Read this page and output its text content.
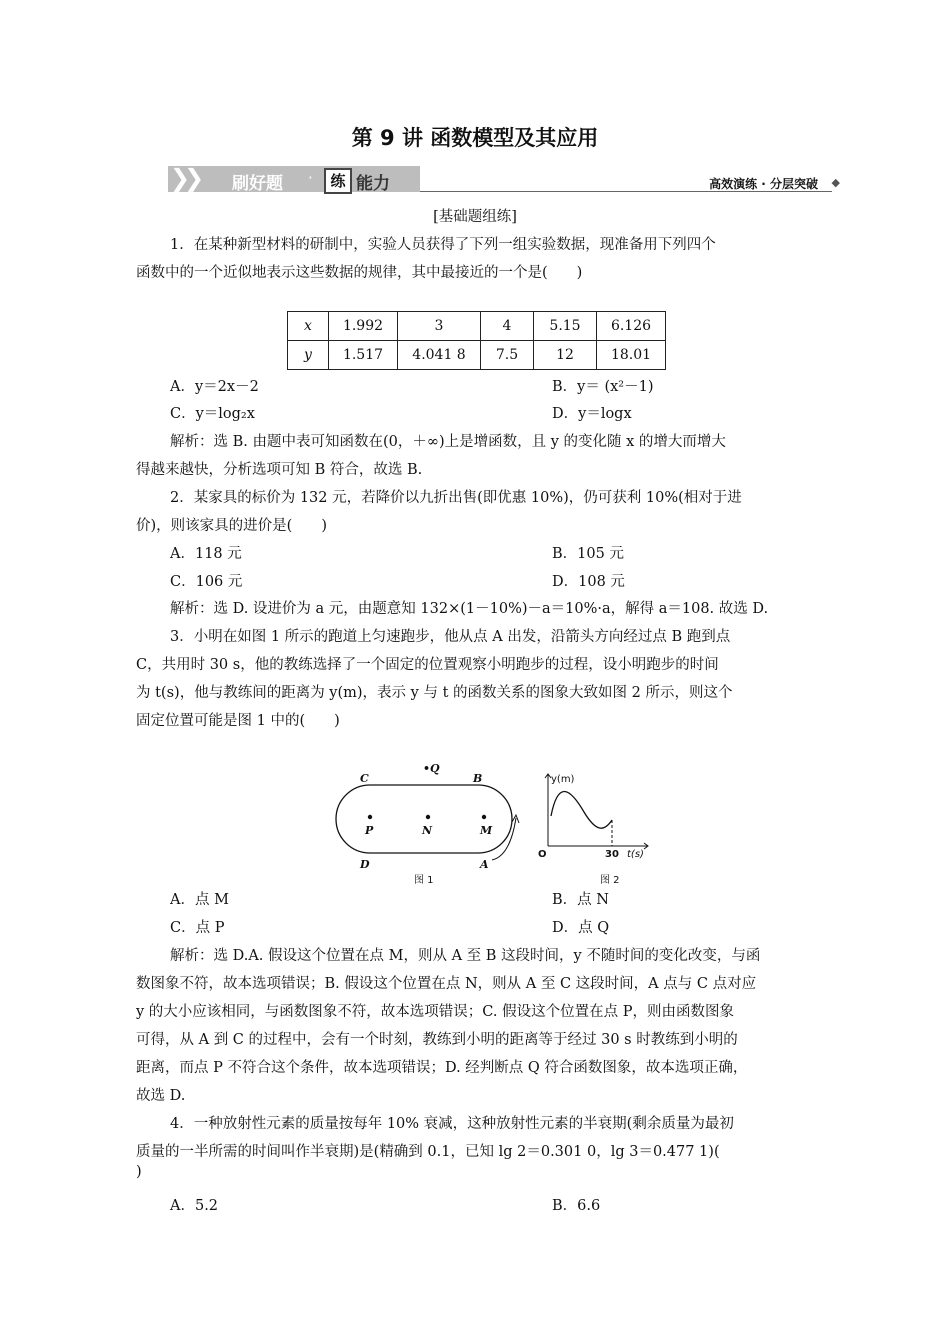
第 9 讲 函数模型及其应用
❯❯ 刷好题 ·	练 能力	高效演练 · 分层突破 ◆
[基础题组练]
1．在某种新型材料的研制中，实验人员获得了下列一组实验数据，现准备用下列四个
函数中的一个近似地表示这些数据的规律，其中最接近的一个是(　　)
x	1.992	3	4	5.15	6.126
y	1.517	4.041 8	7.5	12	18.01
A．y＝2x－2	B．y＝ (x²－1)
C．y＝log₂x	D．y＝logx
解析：选 B. 由题中表可知函数在(0，＋∞)上是增函数，且 y 的变化随 x 的增大而增大
得越来越快，分析选项可知 B 符合，故选 B.
2．某家具的标价为 132 元，若降价以九折出售(即优惠 10%)，仍可获利 10%(相对于进
价)，则该家具的进价是(　　)
A．118 元	B．105 元
C．106 元	D．108 元
解析：选 D. 设进价为 a 元，由题意知 132×(1－10%)－a＝10%·a，解得 a＝108. 故选 D.
3．小明在如图 1 所示的跑道上匀速跑步，他从点 A 出发，沿箭头方向经过点 B 跑到点
C，共用时 30 s，他的教练选择了一个固定的位置观察小明跑步的过程，设小明跑步的时间
为 t(s)，他与教练间的距离为 y(m)，表示 y 与 t 的函数关系的图象大致如图 2 所示，则这个
固定位置可能是图 1 中的(　　)
•Q
C	B
P	N	M
D	A
图 1	图 2
y(m)
O	30 t(s)
A．点 M	B．点 N
C．点 P	D．点 Q
解析：选 D.A. 假设这个位置在点 M，则从 A 至 B 这段时间，y 不随时间的变化改变，与函
数图象不符，故本选项错误；B. 假设这个位置在点 N，则从 A 至 C 这段时间，A 点与 C 点对应
y 的大小应该相同，与函数图象不符，故本选项错误；C. 假设这个位置在点 P，则由函数图象
可得，从 A 到 C 的过程中，会有一个时刻，教练到小明的距离等于经过 30 s 时教练到小明的
距离，而点 P 不符合这个条件，故本选项错误；D. 经判断点 Q 符合函数图象，故本选项正确，
故选 D.
4．一种放射性元素的质量按每年 10% 衰减，这种放射性元素的半衰期(剩余质量为最初
质量的一半所需的时间叫作半衰期)是(精确到 0.1，已知 lg 2＝0.301 0，lg 3＝0.477 1)(
)
A．5.2	B．6.6
